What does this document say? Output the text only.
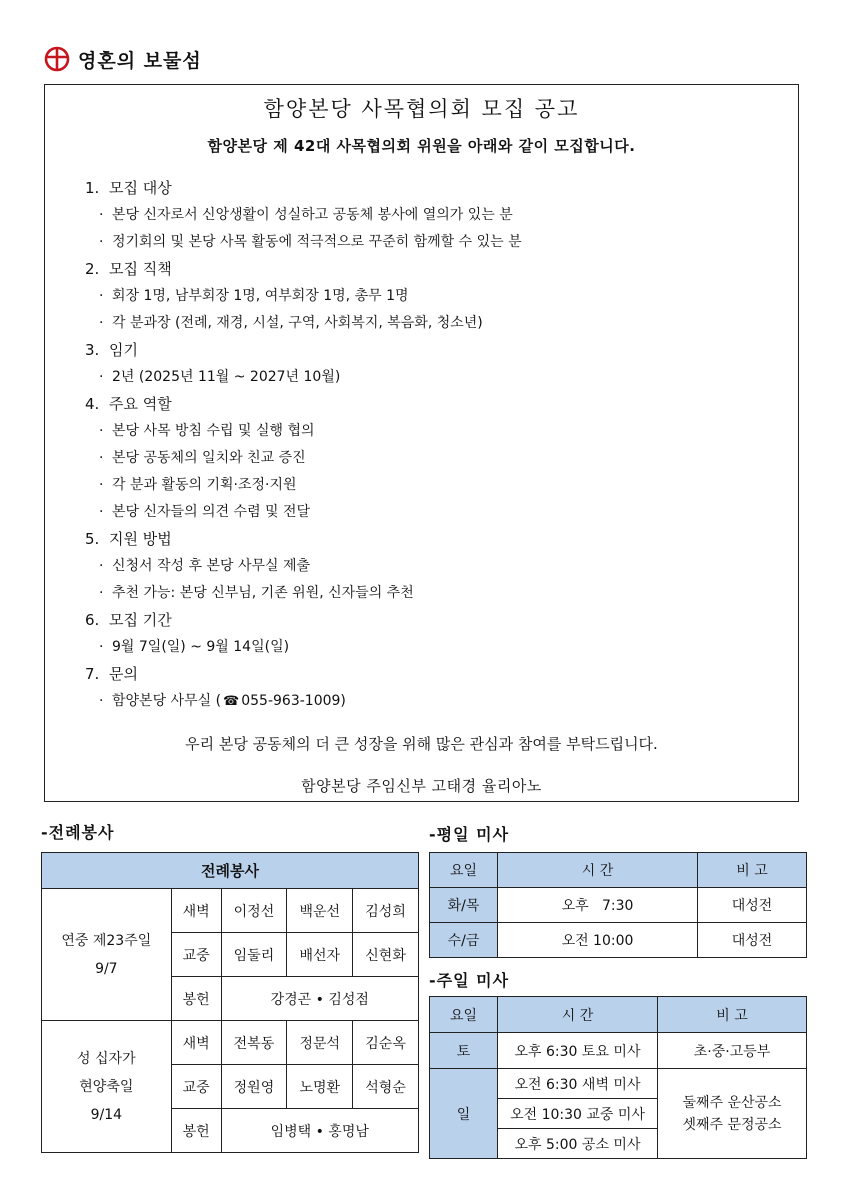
영혼의 보물섬
함양본당 사목협의회 모집 공고
함양본당 제 42대 사목협의회 위원을 아래와 같이 모집합니다.
1. 모집 대상
· 본당 신자로서 신앙생활이 성실하고 공동체 봉사에 열의가 있는 분
· 정기회의 및 본당 사목 활동에 적극적으로 꾸준히 함께할 수 있는 분
2. 모집 직책
· 회장 1명, 남부회장 1명, 여부회장 1명, 총무 1명
· 각 분과장 (전례, 재경, 시설, 구역, 사회복지, 복음화, 청소년)
3. 임기
· 2년 (2025년 11월 ~ 2027년 10월)
4. 주요 역할
· 본당 사목 방침 수립 및 실행 협의
· 본당 공동체의 일치와 친교 증진
· 각 분과 활동의 기획·조정·지원
· 본당 신자들의 의견 수렴 및 전달
5. 지원 방법
· 신청서 작성 후 본당 사무실 제출
· 추천 가능: 본당 신부님, 기존 위원, 신자들의 추천
6. 모집 기간
· 9월 7일(일) ~ 9월 14일(일)
7. 문의
· 함양본당 사무실 ( ☎ 055-963-1009)
우리 본당 공동체의 더 큰 성장을 위해 많은 관심과 참여를 부탁드립니다.
함양본당 주임신부 고태경 율리아노
-전례봉사
전례봉사				

연중 제23주일
9/7	새벽	이정선	백운선	김성희
	교중	임둘리	배선자	신현화
	봉헌	강경곤 • 김성점		

성 십자가
현양축일
9/14	새벽	전복동	정문석	김순옥
	교중	정원영	노명환	석형순
	봉헌	임병택 • 홍명남		
-평일 미사
요일	시 간	비 고
화/목	오후   7:30	대성전
수/금	오전 10:00	대성전
-주일 미사
요일	시 간	비 고
토	오후 6:30 토요 미사	초·중·고등부
일	오전 6:30 새벽 미사	둘째주 운산공소
셋째주 문정공소

	오전 10:30 교중 미사	
	오후 5:00 공소 미사	
